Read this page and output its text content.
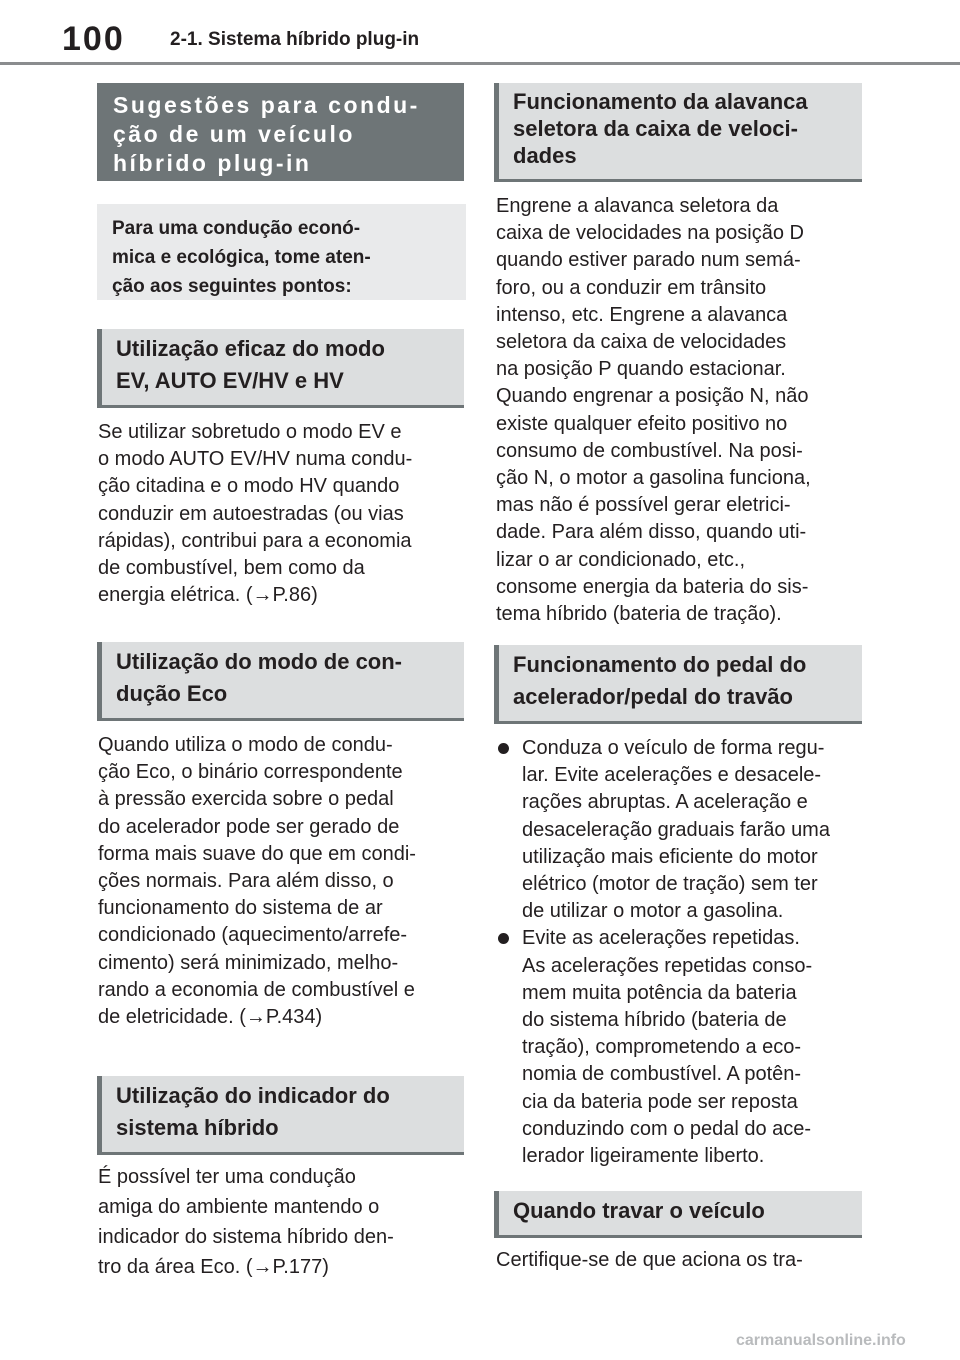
100 2-1. Sistema híbrido plug-in
Sugestões para condu-
ção de um veículo
híbrido plug-in
Para uma condução econó-
mica e ecológica, tome aten-
ção aos seguintes pontos:
Utilização eficaz do modo
EV, AUTO EV/HV e HV
Se utilizar sobretudo o modo EV e
o modo AUTO EV/HV numa condu-
ção citadina e o modo HV quando
conduzir em autoestradas (ou vias
rápidas), contribui para a economia
de combustível, bem como da
energia elétrica. (→P.86)
Utilização do modo de con-
dução Eco
Quando utiliza o modo de condu-
ção Eco, o binário correspondente
à pressão exercida sobre o pedal
do acelerador pode ser gerado de
forma mais suave do que em condi-
ções normais. Para além disso, o
funcionamento do sistema de ar
condicionado (aquecimento/arrefe-
cimento) será minimizado, melho-
rando a economia de combustível e
de eletricidade. (→P.434)
Utilização do indicador do
sistema híbrido
É possível ter uma condução
amiga do ambiente mantendo o
indicador do sistema híbrido den-
tro da área Eco. (→P.177)
Funcionamento da alavanca
seletora da caixa de veloci-
dades
Engrene a alavanca seletora da
caixa de velocidades na posição D
quando estiver parado num semá-
foro, ou a conduzir em trânsito
intenso, etc. Engrene a alavanca
seletora da caixa de velocidades
na posição P quando estacionar.
Quando engrenar a posição N, não
existe qualquer efeito positivo no
consumo de combustível. Na posi-
ção N, o motor a gasolina funciona,
mas não é possível gerar eletrici-
dade. Para além disso, quando uti-
lizar o ar condicionado, etc.,
consome energia da bateria do sis-
tema híbrido (bateria de tração).
Funcionamento do pedal do
acelerador/pedal do travão
Conduza o veículo de forma regu-
lar. Evite acelerações e desacele-
rações abruptas. A aceleração e
desaceleração graduais farão uma
utilização mais eficiente do motor
elétrico (motor de tração) sem ter
de utilizar o motor a gasolina.
Evite as acelerações repetidas.
As acelerações repetidas conso-
mem muita potência da bateria
do sistema híbrido (bateria de
tração), comprometendo a eco-
nomia de combustível. A potên-
cia da bateria pode ser reposta
conduzindo com o pedal do ace-
lerador ligeiramente liberto.
Quando travar o veículo
Certifique-se de que aciona os tra-
carmanualsonline.info
